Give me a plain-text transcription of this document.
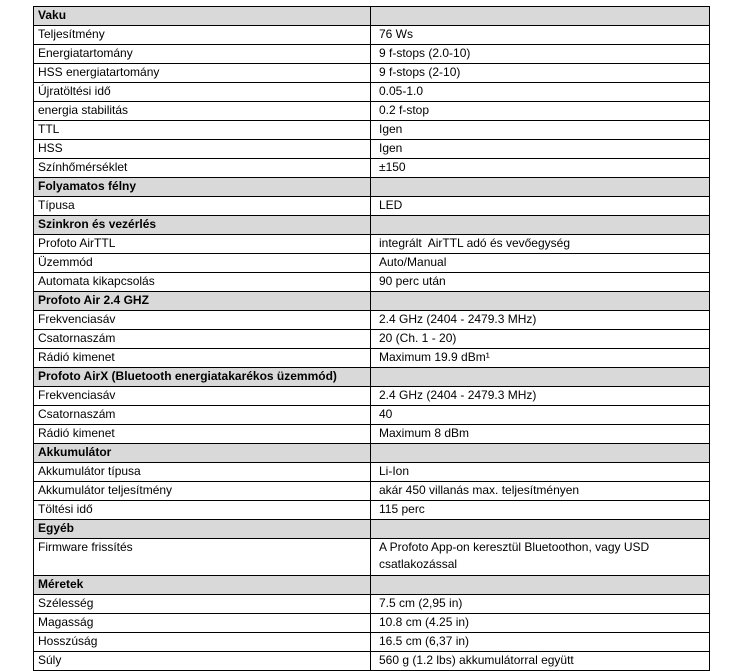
Vaku	
Teljesítmény	76 Ws
Energiatartomány	9 f-stops (2.0-10)
HSS energiatartomány	9 f-stops (2-10)
Újratöltési idő	0.05-1.0
energia stabilitás	0.2 f-stop
TTL	Igen
HSS	Igen
Színhőmérséklet	±150
Folyamatos félny	
Típusa	LED
Szinkron és vezérlés	
Profoto AirTTL	integrált  AirTTL adó és vevőegység
Üzemmód	Auto/Manual
Automata kikapcsolás	90 perc után
Profoto Air 2.4 GHZ	
Frekvenciasáv	2.4 GHz (2404 - 2479.3 MHz)
Csatornaszám	20 (Ch. 1 - 20)
Rádió kimenet	Maximum 19.9 dBm¹
Profoto AirX (Bluetooth energiatakarékos üzemmód)	
Frekvenciasáv	2.4 GHz (2404 - 2479.3 MHz)
Csatornaszám	40
Rádió kimenet	Maximum 8 dBm
Akkumulátor	
Akkumulátor típusa	Li-Ion
Akkumulátor teljesítmény	akár 450 villanás max. teljesítményen
Töltési idő	115 perc
Egyéb	
Firmware frissítés	A Profoto App-on keresztül Bluetoothon, vagy USD csatlakozással
Méretek	
Szélesség	7.5 cm (2,95 in)
Magasság	10.8 cm (4.25 in)
Hosszúság	16.5 cm (6,37 in)
Súly	560 g (1.2 lbs) akkumulátorral együtt
